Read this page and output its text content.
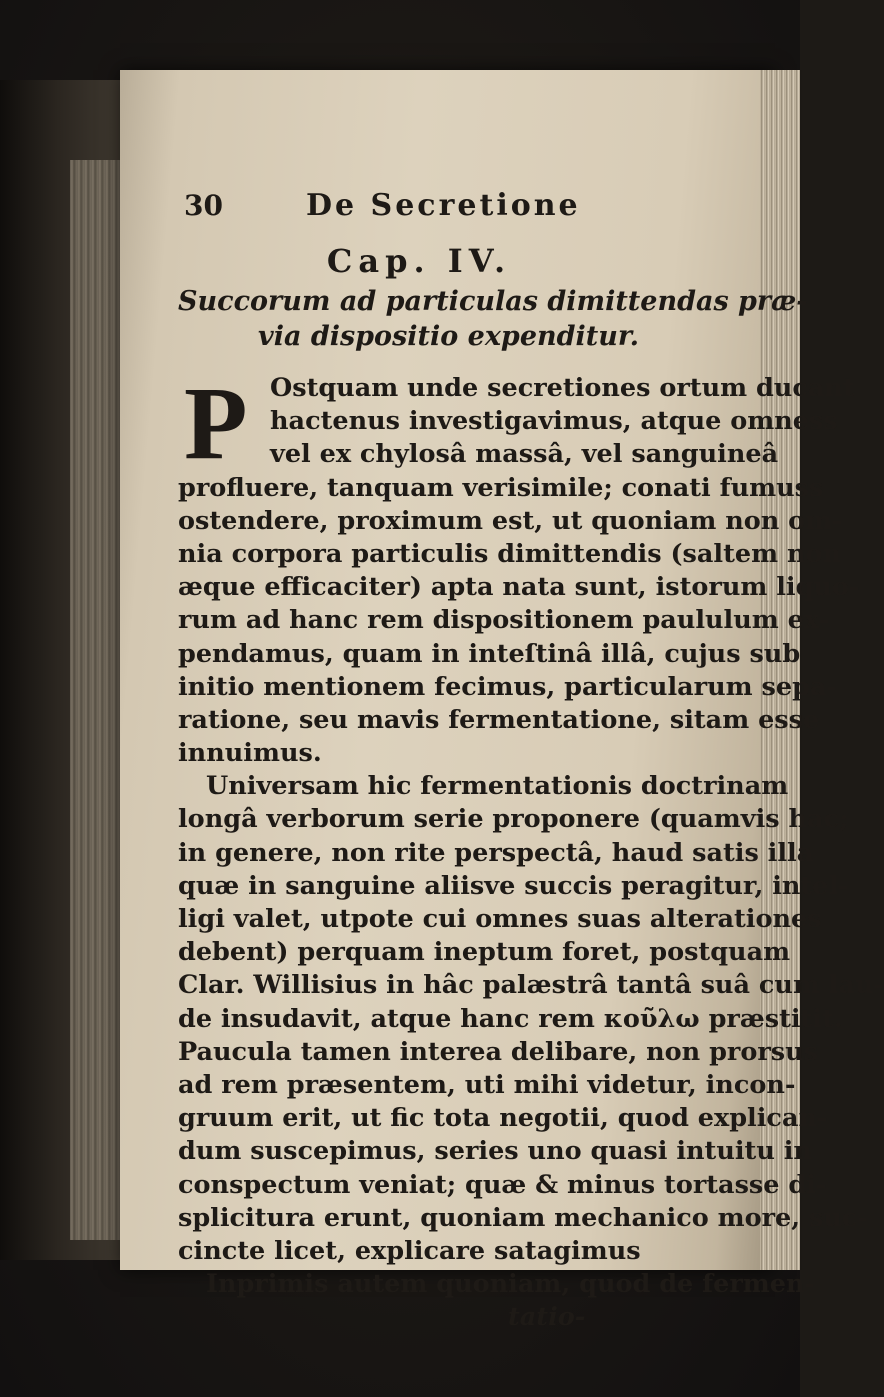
30	De Secretione
Cap. IV.
Succorum ad particulas dimittendas præ-
via dispositio expenditur.
P Ostquam unde secretiones ortum ducant
hactenus investigavimus, atque omness
vel ex chylosâ massâ, vel sanguineâ
profluere, tanquam verisimile; conati fumuss
ostendere, proximum est, ut quoniam non om-
nia corpora particulis dimittendis (saltem non
æque efficaciter) apta nata sunt, istorum liquo-
rum ad hanc rem dispositionem paululum ex-
pendamus, quam in inteſtinâ illâ, cujus sub
initio mentionem fecimus, particularum sepa-
ratione, seu mavis fermentatione, sitam esse
innuimus.
Universam hic fermentationis doctrinam
longâ verborum serie proponere (quamvis hac;
in genere, non rite perspectâ, haud satis illa
quæ in sanguine aliisve succis peragitur, intel-
ligi valet, utpote cui omnes suas alterationes
debent) perquam ineptum foret, postquam
Clar. Willisius in hâc palæstrâ tantâ suâ cum lau-
de insudavit, atque hanc rem κοῦλω præstitit.
Paucula tamen interea delibare, non prorsus
ad rem præsentem, uti mihi videtur, incon-
gruum erit, ut fic tota negotii, quod explican-
dum suscepimus, series uno quasi intuitu in
conspectum veniat; quæ & minus tortasse di-
splicitura erunt, quoniam mechanico more, suc-
cincte licet, explicare satagimus
Inprimis autem quoniam, quod de fermen-
tatio-
